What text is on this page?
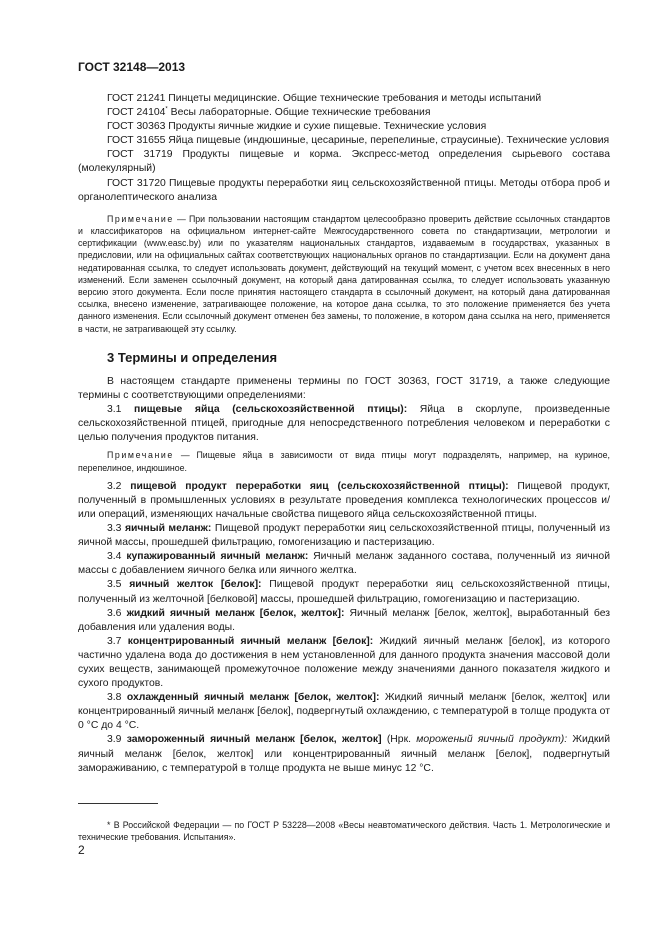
ГОСТ 32148—2013

ГОСТ 21241 Пинцеты медицинские. Общие технические требования и методы испытаний

ГОСТ 24104* Весы лабораторные. Общие технические требования

ГОСТ 30363 Продукты яичные жидкие и сухие пищевые. Технические условия

ГОСТ 31655 Яйца пищевые (индюшиные, цесариные, перепелиные, страусиные). Технические условия

ГОСТ 31719 Продукты пищевые и корма. Экспресс-метод определения сырьевого состава (молекулярный)

ГОСТ 31720 Пищевые продукты переработки яиц сельскохозяйственной птицы. Методы отбора проб и органолептического анализа

Примечание — При пользовании настоящим стандартом целесообразно проверить действие ссылочных стандартов и классификаторов на официальном интернет-сайте Межгосударственного совета по стандартизации, метрологии и сертификации (www.easc.by) или по указателям национальных стандартов, издаваемым в государствах, указанных в предисловии, или на официальных сайтах соответствующих национальных органов по стандартизации. Если на документ дана недатированная ссылка, то следует использовать документ, действующий на текущий момент, с учетом всех внесенных в него изменений. Если заменен ссылочный документ, на который дана датированная ссылка, то следует использовать указанную версию этого документа. Если после принятия настоящего стандарта в ссылочный документ, на который дана датированная ссылка, внесено изменение, затрагивающее положение, на которое дана ссылка, то это положение применяется без учета данного изменения. Если ссылочный документ отменен без замены, то положение, в котором дана ссылка на него, применяется в части, не затрагивающей эту ссылку.

3 Термины и определения

В настоящем стандарте применены термины по ГОСТ 30363, ГОСТ 31719, а также следующие термины с соответствующими определениями:

3.1 пищевые яйца (сельскохозяйственной птицы): Яйца в скорлупе, произведенные сельскохозяйственной птицей, пригодные для непосредственного потребления человеком и переработки с целью получения продуктов питания.

Примечание — Пищевые яйца в зависимости от вида птицы могут подразделять, например, на куриное, перепелиное, индюшиное.

3.2 пищевой продукт переработки яиц (сельскохозяйственной птицы): Пищевой продукт, полученный в промышленных условиях в результате проведения комплекса технологических процессов и/или операций, изменяющих начальные свойства пищевого яйца сельскохозяйственной птицы.

3.3 яичный меланж: Пищевой продукт переработки яиц сельскохозяйственной птицы, полученный из яичной массы, прошедшей фильтрацию, гомогенизацию и пастеризацию.

3.4 купажированный яичный меланж: Яичный меланж заданного состава, полученный из яичной массы с добавлением яичного белка или яичного желтка.

3.5 яичный желток [белок]: Пищевой продукт переработки яиц сельскохозяйственной птицы, полученный из желточной [белковой] массы, прошедшей фильтрацию, гомогенизацию и пастеризацию.

3.6 жидкий яичный меланж [белок, желток]: Яичный меланж [белок, желток], выработанный без добавления или удаления воды.

3.7 концентрированный яичный меланж [белок]: Жидкий яичный меланж [белок], из которого частично удалена вода до достижения в нем установленной для данного продукта значения массовой доли сухих веществ, занимающей промежуточное положение между значениями данного показателя жидкого и сухого продуктов.

3.8 охлажденный яичный меланж [белок, желток]: Жидкий яичный меланж [белок, желток] или концентрированный яичный меланж [белок], подвергнутый охлаждению, с температурой в толще продукта от 0 °С до 4 °С.

3.9 замороженный яичный меланж [белок, желток] (Нрк. мороженый яичный продукт): Жидкий яичный меланж [белок, желток] или концентрированный яичный меланж [белок], подвергнутый замораживанию, с температурой в толще продукта не выше минус 12 °С.

* В Российской Федерации — по ГОСТ Р 53228—2008 «Весы неавтоматического действия. Часть 1. Метрологические и технические требования. Испытания».

2
